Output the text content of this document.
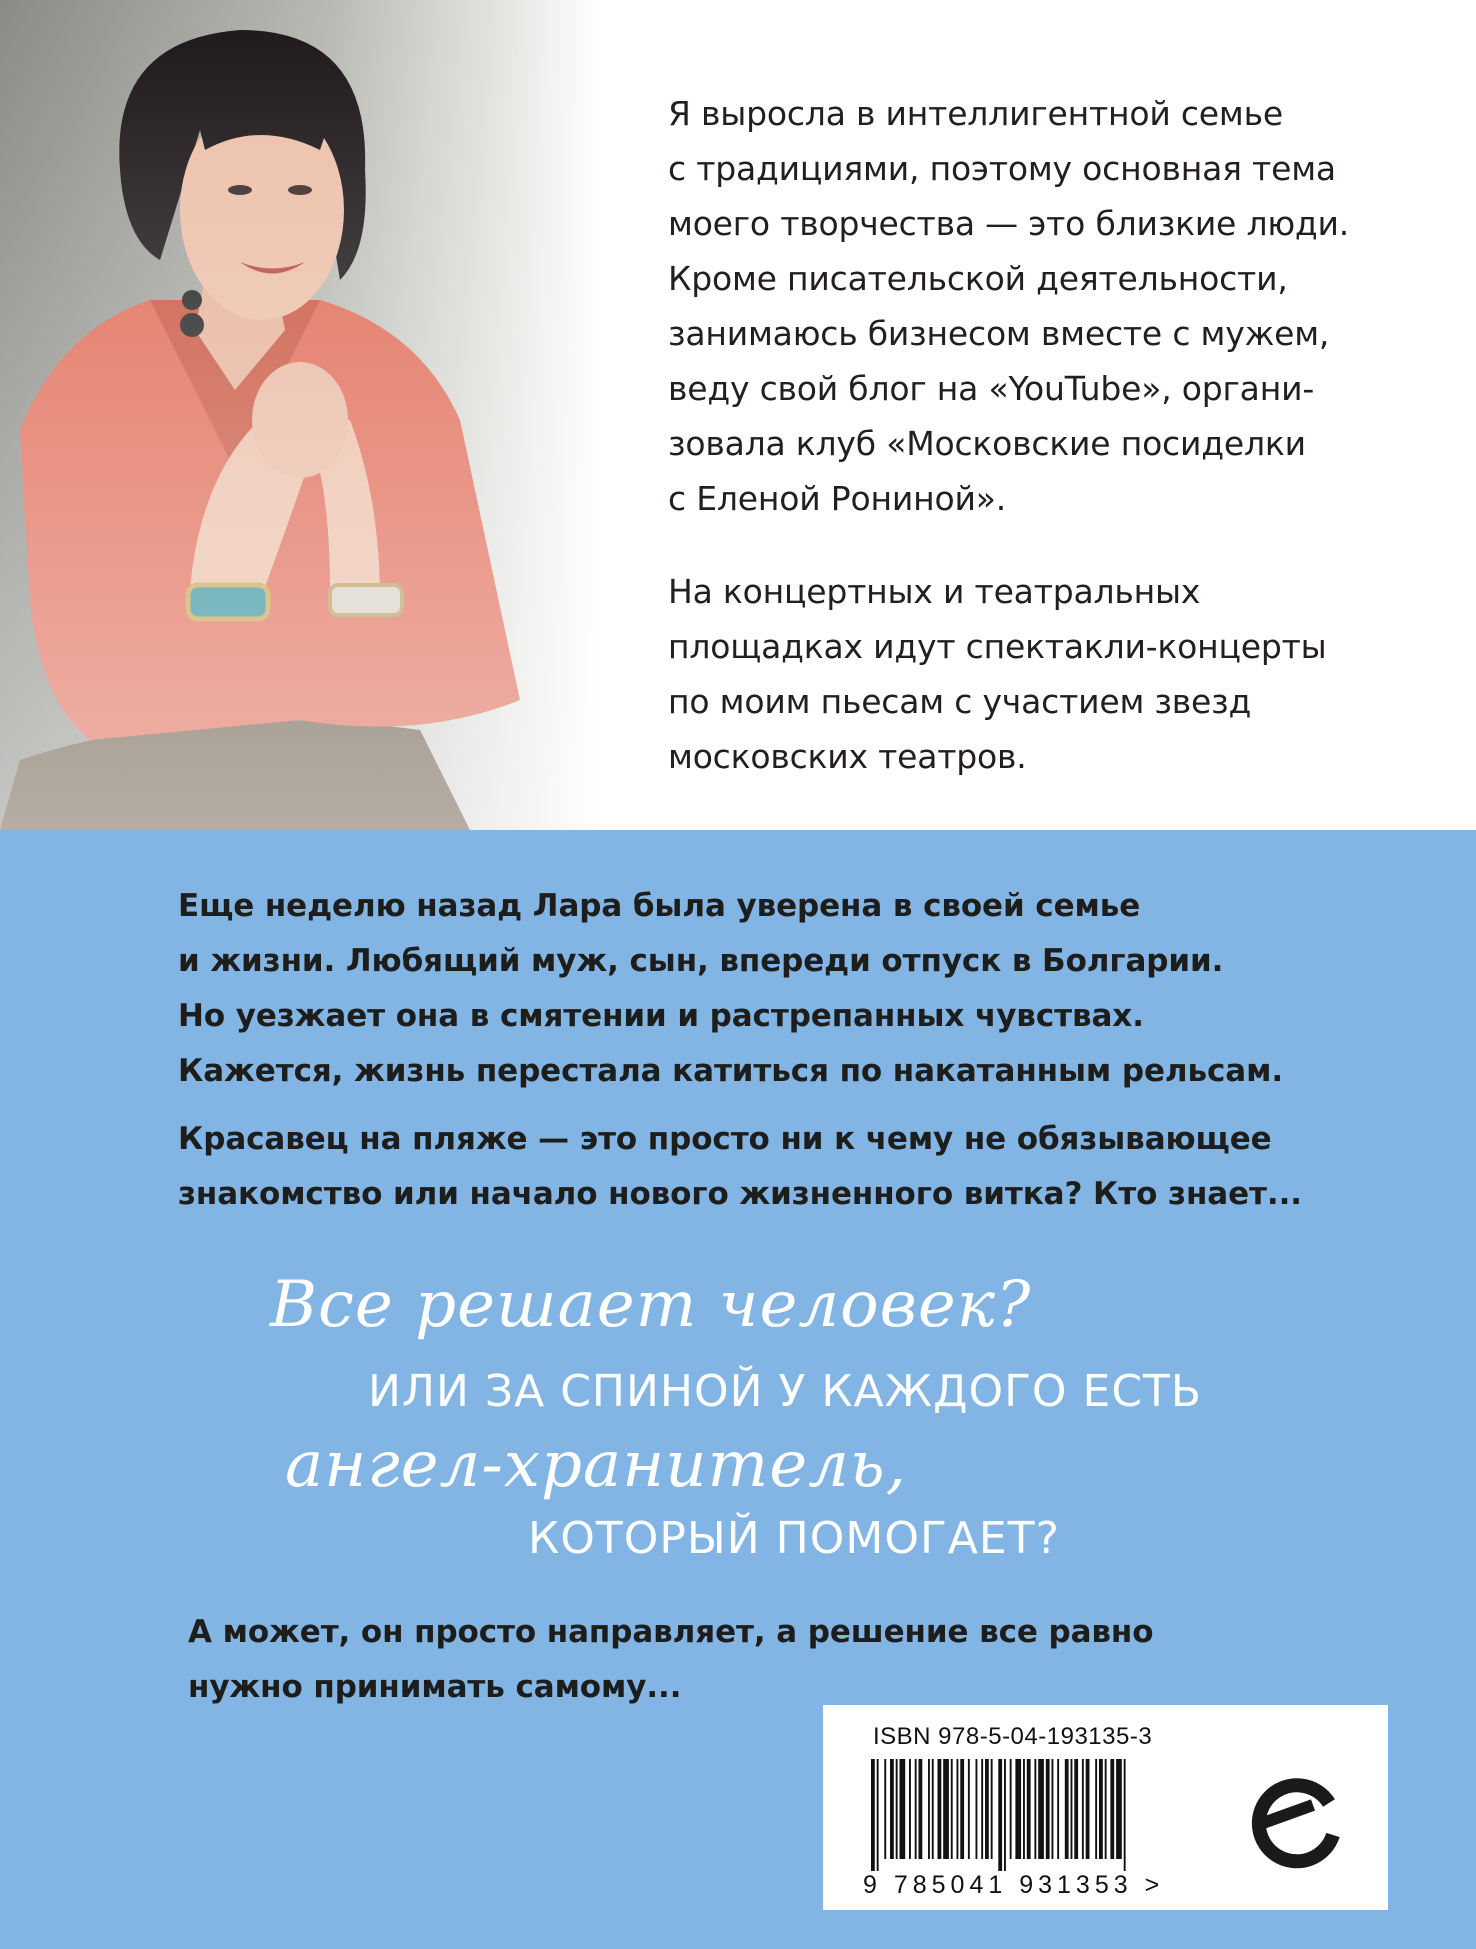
Я выросла в интеллигентной семье
с традициями, поэтому основная тема
моего творчества — это близкие люди.
Кроме писательской деятельности,
занимаюсь бизнесом вместе с мужем,
веду свой блог на «YouTube», органи-
зовала клуб «Московские посиделки
с Еленой Рониной».

На концертных и театральных
площадках идут спектакли-концерты
по моим пьесам с участием звезд
московских театров.

Еще неделю назад Лара была уверена в своей семье
и жизни. Любящий муж, сын, впереди отпуск в Болгарии.
Но уезжает она в смятении и растрепанных чувствах.
Кажется, жизнь перестала катиться по накатанным рельсам.

Красавец на пляже — это просто ни к чему не обязывающее
знакомство или начало нового жизненного витка? Кто знает...

Все решает человек?
ИЛИ ЗА СПИНОЙ У КАЖДОГО ЕСТЬ
ангел-хранитель,
КОТОРЫЙ ПОМОГАЕТ?

А может, он просто направляет, а решение все равно
нужно принимать самому...

ISBN 978-5-04-193135-3
9 785041 931353 >
